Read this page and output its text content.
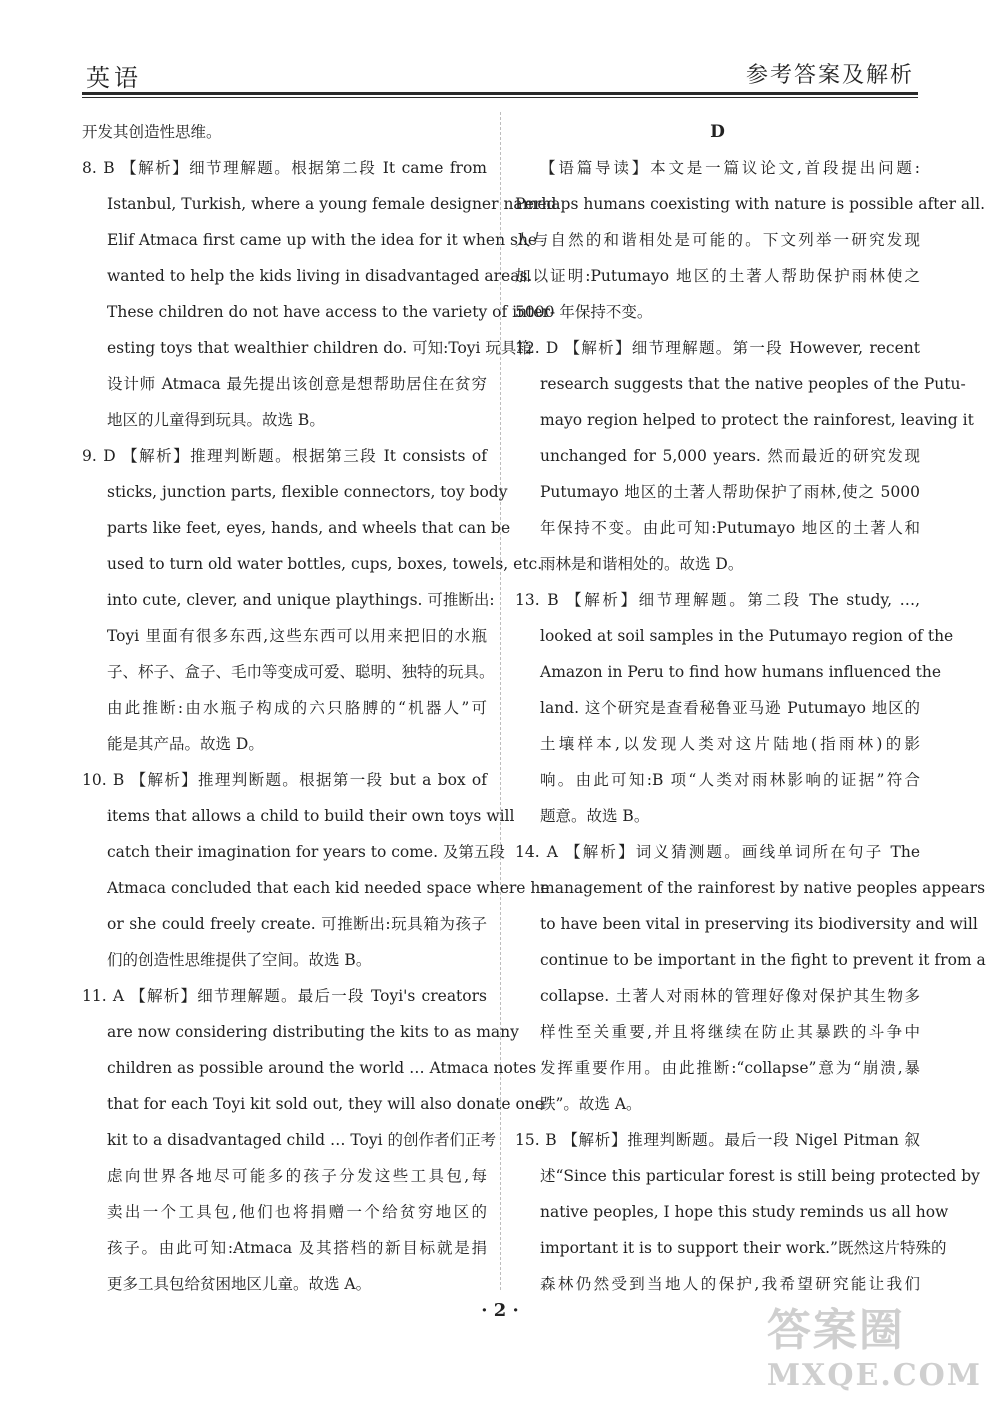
英语	参考答案及解析
开发其创造性思维。
8. B 【解析】细节理解题。根据第二段 It came from
Istanbul, Turkish, where a young female designer named
Elif Atmaca first came up with the idea for it when she
wanted to help the kids living in disadvantaged areas.
These children do not have access to the variety of inter-
esting toys that wealthier children do. 可知:Toyi 玩具箱
设计师 Atmaca 最先提出该创意是想帮助居住在贫穷
地区的儿童得到玩具。故选 B。
9. D 【解析】推理判断题。根据第三段 It consists of
sticks, junction parts, flexible connectors, toy body
parts like feet, eyes, hands, and wheels that can be
used to turn old water bottles, cups, boxes, towels, etc.
into cute, clever, and unique playthings. 可推断出:
Toyi 里面有很多东西,这些东西可以用来把旧的水瓶
子、杯子、盒子、毛巾等变成可爱、聪明、独特的玩具。
由此推断:由水瓶子构成的六只胳膊的“机器人”可
能是其产品。故选 D。
10. B 【解析】推理判断题。根据第一段 but a box of
items that allows a child to build their own toys will
catch their imagination for years to come. 及第五段
Atmaca concluded that each kid needed space where he
or she could freely create. 可推断出:玩具箱为孩子
们的创造性思维提供了空间。故选 B。
11. A 【解析】细节理解题。最后一段 Toyi's creators
are now considering distributing the kits to as many
children as possible around the world … Atmaca notes
that for each Toyi kit sold out, they will also donate one
kit to a disadvantaged child … Toyi 的创作者们正考
虑向世界各地尽可能多的孩子分发这些工具包,每
卖出一个工具包,他们也将捐赠一个给贫穷地区的
孩子。由此可知:Atmaca 及其搭档的新目标就是捐
更多工具包给贫困地区儿童。故选 A。
D
【语篇导读】本文是一篇议论文,首段提出问题:
Perhaps humans coexisting with nature is possible after all.
人与自然的和谐相处是可能的。下文列举一研究发现
加以证明:Putumayo 地区的土著人帮助保护雨林使之
5000 年保持不变。
12. D 【解析】细节理解题。第一段 However, recent
research suggests that the native peoples of the Putu-
mayo region helped to protect the rainforest, leaving it
unchanged for 5,000 years. 然而最近的研究发现
Putumayo 地区的土著人帮助保护了雨林,使之 5000
年保持不变。由此可知:Putumayo 地区的土著人和
雨林是和谐相处的。故选 D。
13. B 【解析】细节理解题。第二段 The study, …,
looked at soil samples in the Putumayo region of the
Amazon in Peru to find how humans influenced the
land. 这个研究是查看秘鲁亚马逊 Putumayo 地区的
土壤样本,以发现人类对这片陆地(指雨林)的影
响。由此可知:B 项“人类对雨林影响的证据”符合
题意。故选 B。
14. A 【解析】词义猜测题。画线单词所在句子 The
management of the rainforest by native peoples appears
to have been vital in preserving its biodiversity and will
continue to be important in the fight to prevent it from a
collapse. 土著人对雨林的管理好像对保护其生物多
样性至关重要,并且将继续在防止其暴跌的斗争中
发挥重要作用。由此推断:“collapse”意为“崩溃,暴
跌”。故选 A。
15. B 【解析】推理判断题。最后一段 Nigel Pitman 叙
述“Since this particular forest is still being protected by
native peoples, I hope this study reminds us all how
important it is to support their work.”既然这片特殊的
森林仍然受到当地人的保护,我希望研究能让我们
· 2 ·	答案圈
MXQE.COM
